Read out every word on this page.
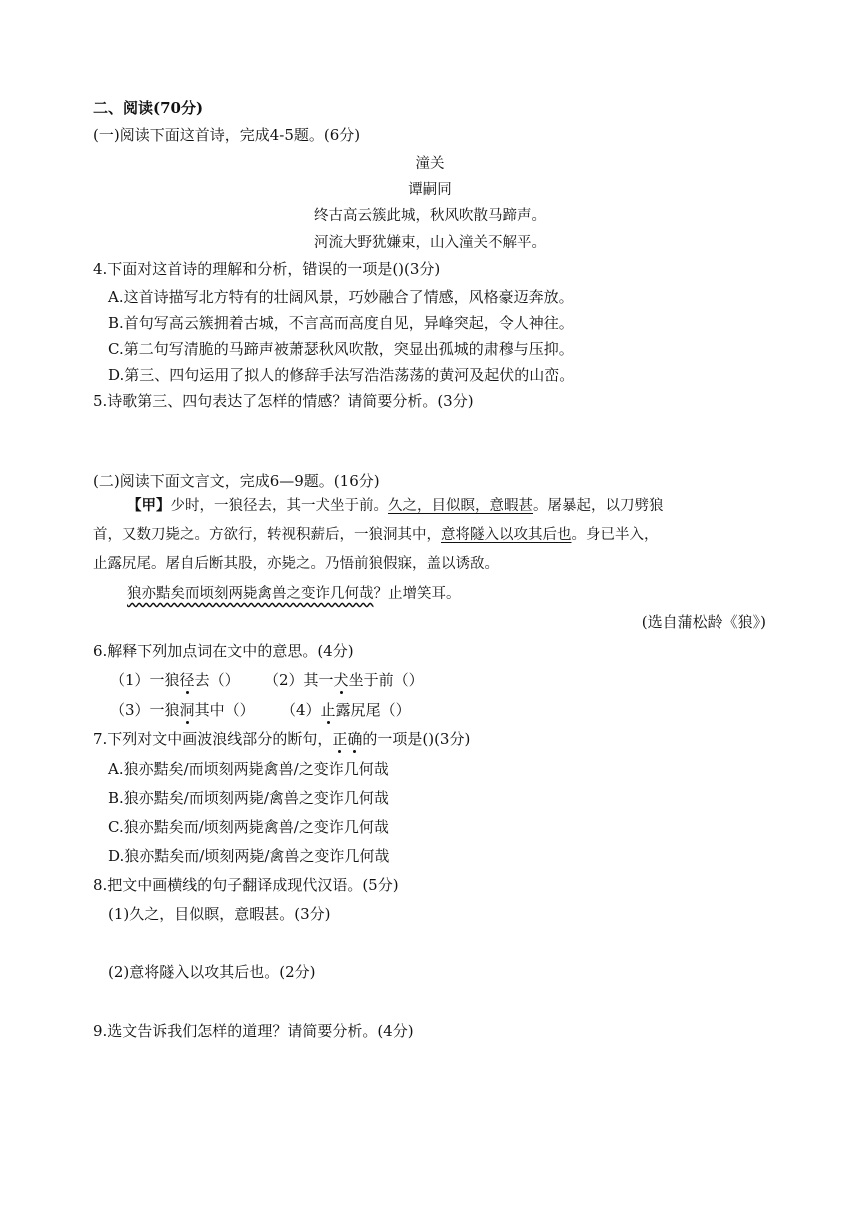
二、阅读(70分)
(一)阅读下面这首诗，完成4-5题。(6分)
潼关
谭嗣同
终古高云簇此城，秋风吹散马蹄声。
河流大野犹嫌束，山入潼关不解平。
4.下面对这首诗的理解和分析，错误的一项是()(3分)
A.这首诗描写北方特有的壮阔风景，巧妙融合了情感，风格豪迈奔放。
B.首句写高云簇拥着古城，不言高而高度自见，异峰突起，令人神往。
C.第二句写清脆的马蹄声被萧瑟秋风吹散，突显出孤城的肃穆与压抑。
D.第三、四句运用了拟人的修辞手法写浩浩荡荡的黄河及起伏的山峦。
5.诗歌第三、四句表达了怎样的情感？请简要分析。(3分)
(二)阅读下面文言文，完成6—9题。(16分)
【甲】少时，一狼径去，其一犬坐于前。久之，目似瞑，意暇甚。屠暴起，以刀劈狼
首，又数刀毙之。方欲行，转视积薪后，一狼洞其中，意将隧入以攻其后也。身已半入，
止露尻尾。屠自后断其股，亦毙之。乃悟前狼假寐，盖以诱敌。
狼亦黠矣而顷刻两毙禽兽之变诈几何哉？止增笑耳。
(选自蒲松龄《狼》)
6.解释下列加点词在文中的意思。(4分)
（1）一狼径去（） （2）其一犬坐于前（）
（3）一狼洞其中（） （4）止露尻尾（）
7.下列对文中画波浪线部分的断句，正确的一项是()(3分)
A.狼亦黠矣/而顷刻两毙禽兽/之变诈几何哉
B.狼亦黠矣/而顷刻两毙/禽兽之变诈几何哉
C.狼亦黠矣而/顷刻两毙禽兽/之变诈几何哉
D.狼亦黠矣而/顷刻两毙/禽兽之变诈几何哉
8.把文中画横线的句子翻译成现代汉语。(5分)
(1)久之，目似瞑，意暇甚。(3分)
(2)意将隧入以攻其后也。(2分)
9.选文告诉我们怎样的道理？请简要分析。(4分)
